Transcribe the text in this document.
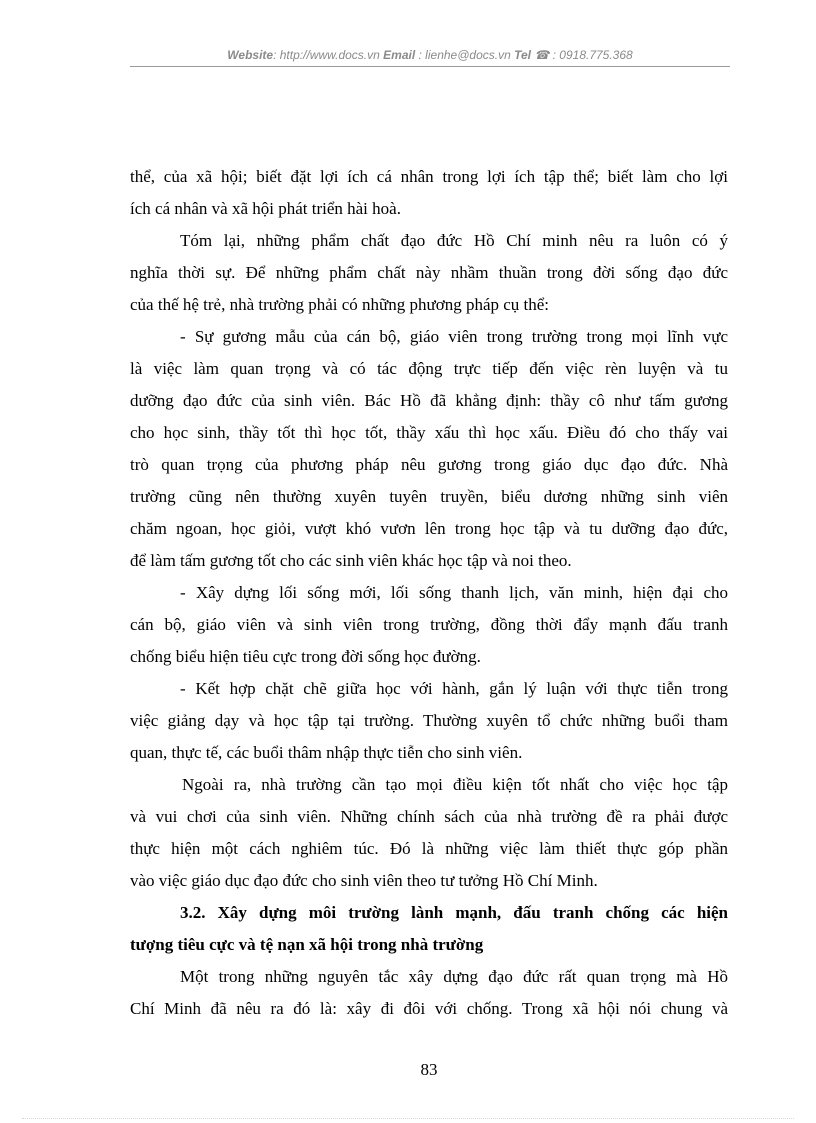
Website: http://www.docs.vn Email : lienhe@docs.vn Tel ☎ : 0918.775.368
thể, của xã hội; biết đặt lợi ích cá nhân trong lợi ích tập thể; biết làm cho lợi
ích cá nhân và xã hội phát triển hài hoà.
Tóm lại, những phẩm chất đạo đức Hồ Chí minh nêu ra luôn có ý
nghĩa thời sự. Để những phẩm chất này nhầm thuần trong đời sống đạo đức
của thế hệ trẻ, nhà trường phải có những phương pháp cụ thể:
- Sự gương mẫu của cán bộ, giáo viên trong trường trong mọi lĩnh vực
là việc làm quan trọng và có tác động trực tiếp đến việc rèn luyện và tu
dưỡng đạo đức của sinh viên. Bác Hồ đã khẳng định: thầy cô như tấm gương
cho học sinh, thầy tốt thì học tốt, thầy xấu thì học xấu. Điều đó cho thấy vai
trò quan trọng của phương pháp nêu gương trong giáo dục đạo đức. Nhà
trường cũng nên thường xuyên tuyên truyền, biểu dương những sinh viên
chăm ngoan, học giỏi, vượt khó vươn lên trong học tập và tu dưỡng đạo đức,
để làm tấm gương tốt cho các sinh viên khác học tập và noi theo.
- Xây dựng lối sống mới, lối sống thanh lịch, văn minh, hiện đại cho
cán bộ, giáo viên và sinh viên trong trường, đồng thời đẩy mạnh đấu tranh
chống biểu hiện tiêu cực trong đời sống học đường.
- Kết hợp chặt chẽ giữa học với hành, gắn lý luận với thực tiễn trong
việc giảng dạy và học tập tại trường. Thường xuyên tổ chức những buổi tham
quan, thực tế, các buổi thâm nhập thực tiễn cho sinh viên.
Ngoài ra, nhà trường cần tạo mọi điều kiện tốt nhất cho việc học tập
và vui chơi của sinh viên. Những chính sách của nhà trường đề ra phải được
thực hiện một cách nghiêm túc. Đó là những việc làm thiết thực góp phần
vào việc giáo dục đạo đức cho sinh viên theo tư tưởng Hồ Chí Minh.
3.2. Xây dựng môi trường lành mạnh, đấu tranh chống các hiện
tượng tiêu cực và tệ nạn xã hội trong nhà trường
Một trong những nguyên tắc xây dựng đạo đức rất quan trọng mà Hồ
Chí Minh đã nêu ra đó là: xây đi đôi với chống. Trong xã hội nói chung và
83
